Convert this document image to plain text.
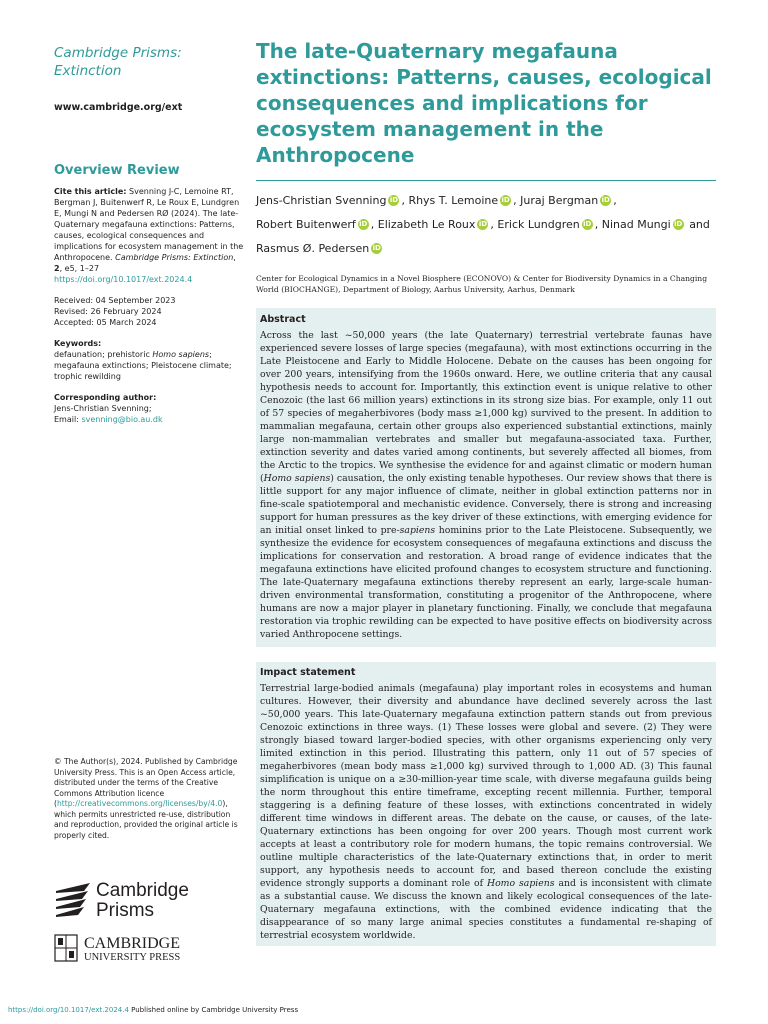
Cambridge Prisms: Extinction
www.cambridge.org/ext
Overview Review
Cite this article: Svenning J-C, Lemoine RT, Bergman J, Buitenwerf R, Le Roux E, Lundgren E, Mungi N and Pedersen RØ (2024). The late-Quaternary megafauna extinctions: Patterns, causes, ecological consequences and implications for ecosystem management in the Anthropocene. Cambridge Prisms: Extinction, 2, e5, 1–27
https://doi.org/10.1017/ext.2024.4
Received: 04 September 2023
Revised: 26 February 2024
Accepted: 05 March 2024
Keywords:
defaunation; prehistoric Homo sapiens; megafauna extinctions; Pleistocene climate; trophic rewilding
Corresponding author:
Jens-Christian Svenning;
Email: svenning@bio.au.dk
© The Author(s), 2024. Published by Cambridge University Press. This is an Open Access article, distributed under the terms of the Creative Commons Attribution licence (http://creativecommons.org/licenses/by/4.0), which permits unrestricted re-use, distribution and reproduction, provided the original article is properly cited.
Cambridge
Prisms
CAMBRIDGE
UNIVERSITY PRESS
The late-Quaternary megafauna extinctions: Patterns, causes, ecological consequences and implications for ecosystem management in the Anthropocene
Jens-Christian Svenning iD , Rhys T. Lemoine iD , Juraj Bergman iD ,
Robert Buitenwerf iD , Elizabeth Le Roux iD , Erick Lundgren iD , Ninad Mungi iD and
Rasmus Ø. Pedersen iD
Center for Ecological Dynamics in a Novel Biosphere (ECONOVO) & Center for Biodiversity Dynamics in a Changing World (BIOCHANGE), Department of Biology, Aarhus University, Aarhus, Denmark
Abstract
Across the last ~50,000 years (the late Quaternary) terrestrial vertebrate faunas have experienced severe losses of large species (megafauna), with most extinctions occurring in the Late Pleistocene and Early to Middle Holocene. Debate on the causes has been ongoing for over 200 years, intensifying from the 1960s onward. Here, we outline criteria that any causal hypothesis needs to account for. Importantly, this extinction event is unique relative to other Cenozoic (the last 66 million years) extinctions in its strong size bias. For example, only 11 out of 57 species of megaherbivores (body mass ≥1,000 kg) survived to the present. In addition to mammalian megafauna, certain other groups also experienced substantial extinctions, mainly large non-mammalian vertebrates and smaller but megafauna-associated taxa. Further, extinction severity and dates varied among continents, but severely affected all biomes, from the Arctic to the tropics. We synthesise the evidence for and against climatic or modern human (Homo sapiens) causation, the only existing tenable hypotheses. Our review shows that there is little support for any major influence of climate, neither in global extinction patterns nor in fine-scale spatiotemporal and mechanistic evidence. Conversely, there is strong and increasing support for human pressures as the key driver of these extinctions, with emerging evidence for an initial onset linked to pre-sapiens hominins prior to the Late Pleistocene. Subsequently, we synthesize the evidence for ecosystem consequences of megafauna extinctions and discuss the implications for conservation and restoration. A broad range of evidence indicates that the megafauna extinctions have elicited profound changes to ecosystem structure and functioning. The late-Quaternary megafauna extinctions thereby represent an early, large-scale human-driven environmental transformation, constituting a progenitor of the Anthropocene, where humans are now a major player in planetary functioning. Finally, we conclude that megafauna restoration via trophic rewilding can be expected to have positive effects on biodiversity across varied Anthropocene settings.
Impact statement
Terrestrial large-bodied animals (megafauna) play important roles in ecosystems and human cultures. However, their diversity and abundance have declined severely across the last ~50,000 years. This late-Quaternary megafauna extinction pattern stands out from previous Cenozoic extinctions in three ways. (1) These losses were global and severe. (2) They were strongly biased toward larger-bodied species, with other organisms experiencing only very limited extinction in this period. Illustrating this pattern, only 11 out of 57 species of megaherbivores (mean body mass ≥1,000 kg) survived through to 1,000 AD. (3) This faunal simplification is unique on a ≥30-million-year time scale, with diverse megafauna guilds being the norm throughout this entire timeframe, excepting recent millennia. Further, temporal staggering is a defining feature of these losses, with extinctions concentrated in widely different time windows in different areas. The debate on the cause, or causes, of the late-Quaternary extinctions has been ongoing for over 200 years. Though most current work accepts at least a contributory role for modern humans, the topic remains controversial. We outline multiple characteristics of the late-Quaternary extinctions that, in order to merit support, any hypothesis needs to account for, and based thereon conclude the existing evidence strongly supports a dominant role of Homo sapiens and is inconsistent with climate as a substantial cause. We discuss the known and likely ecological consequences of the late-Quaternary megafauna extinctions, with the combined evidence indicating that the disappearance of so many large animal species constitutes a fundamental re-shaping of terrestrial ecosystem worldwide.
https://doi.org/10.1017/ext.2024.4 Published online by Cambridge University Press
